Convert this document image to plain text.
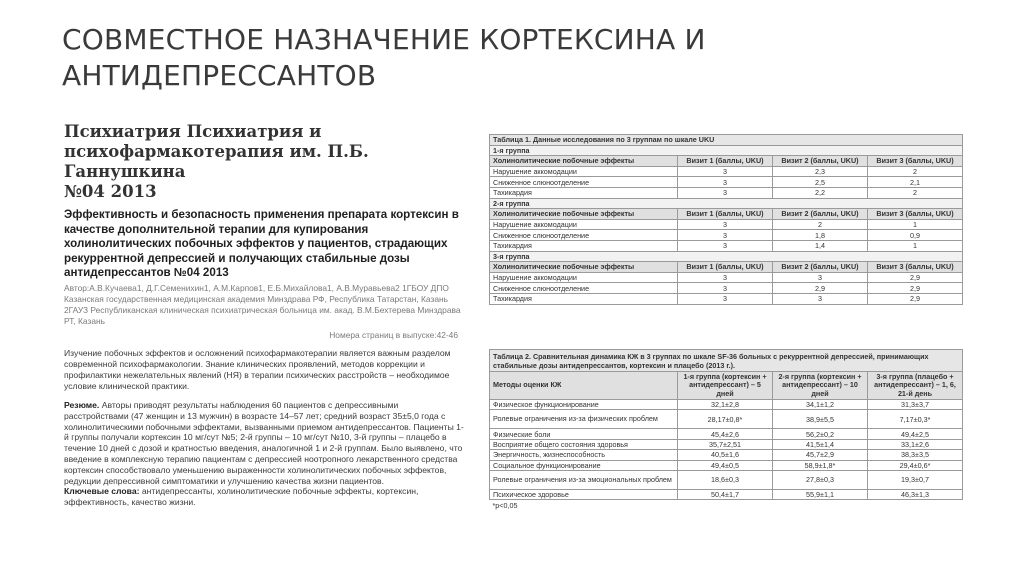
СОВМЕСТНОЕ НАЗНАЧЕНИЕ КОРТЕКСИНА И
АНТИДЕПРЕССАНТОВ
Психиатрия Психиатрия и
психофармакотерапия им. П.Б.
Ганнушкина
№04 2013
Эффективность и безопасность применения препарата кортексин в качестве дополнительной терапии для купирования холинолитических побочных эффектов у пациентов, страдающих рекуррентной депрессией и получающих стабильные дозы антидепрессантов №04 2013
Автор:А.В.Кучаева1, Д.Г.Семенихин1, А.М.Карпов1, Е.Б.Михайлова1, А.В.Муравьева2 1ГБОУ ДПО Казанская государственная медицинская академия Минздрава РФ, Республика Татарстан, Казань 2ГАУЗ Республиканская клиническая психиатрическая больница им. акад. В.М.Бехтерева Минздрава РТ, Казань
Номера страниц в выпуске:42-46
Изучение побочных эффектов и осложнений психофармакотерапии является важным разделом современной психофармакологии. Знание клинических проявлений, методов коррекции и профилактики нежелательных явлений (НЯ) в терапии психических расстройств – необходимое условие клинической практики.
Резюме. Авторы приводят результаты наблюдения 60 пациентов с депрессивными расстройствами (47 женщин и 13 мужчин) в возрасте 14–57 лет; средний возраст 35±5,0 года с холинолитическими побочными эффектами, вызванными приемом антидепрессантов. Пациенты 1-й группы получали кортексин 10 мг/сут №5; 2-й группы – 10 мг/сут №10, 3-й группы – плацебо в течение 10 дней с дозой и кратностью введения, аналогичной 1 и 2-й группам. Было выявлено, что введение в комплексную терапию пациентам с депрессией ноотропного лекарственного средства кортексин способствовало уменьшению выраженности холинолитических побочных эффектов, редукции депрессивной симптоматики и улучшению качества жизни пациентов.
Ключевые слова: антидепрессанты, холинолитические побочные эффекты, кортексин, эффективность, качество жизни.
Таблица 1. Данные исследования по 3 группам по шкале UKU			
1-я группа			
Холинолитические побочные эффекты	Визит 1 (баллы, UKU)	Визит 2 (баллы, UKU)	Визит 3 (баллы, UKU)
Нарушение аккомодации	3	2,3	2
Сниженное слюноотделение	3	2,5	2,1
Тахикардия	3	2,2	2
2-я группа			
Холинолитические побочные эффекты	Визит 1 (баллы, UKU)	Визит 2 (баллы, UKU)	Визит 3 (баллы, UKU)
Нарушение аккомодации	3	2	1
Сниженное слюноотделение	3	1,8	0,9
Тахикардия	3	1,4	1
3-я группа			
Холинолитические побочные эффекты	Визит 1 (баллы, UKU)	Визит 2 (баллы, UKU)	Визит 3 (баллы, UKU)
Нарушение аккомодации	3	3	2,9
Сниженное слюноотделение	3	2,9	2,9
Тахикардия	3	3	2,9
Таблица 2. Сравнительная динамика КЖ в 3 группах по шкале SF-36 больных с рекуррентной депрессией, принимающих стабильные дозы антидепрессантов, кортексин и плацебо (2013 г.).			
Методы оценки КЖ	1-я группа (кортексин + антидепрессант) – 5 дней	2-я группа (кортексин + антидепрессант) – 10 дней	3-я группа (плацебо + антидепрессант) – 1, 6, 21-й день
Физическое функционирование	32,1±2,8	34,1±1,2	31,3±3,7
Ролевые ограничения из-за физических проблем	28,17±0,8*	38,9±5,5	7,17±0,3*
Физические боли	45,4±2,6	56,2±0,2	49,4±2,5
Восприятие общего состояния здоровья	35,7±2,51	41,5±1,4	33,1±2,6
Энергичность, жизнеспособность	40,5±1,6	45,7±2,9	38,3±3,5
Социальное функционирование	49,4±0,5	58,9±1,8*	29,4±0,6*
Ролевые ограничения из-за эмоциональных проблем	18,6±0,3	27,8±0,3	19,3±0,7
Психическое здоровье	50,4±1,7	55,9±1,1	46,3±1,3
*р<0,05			
